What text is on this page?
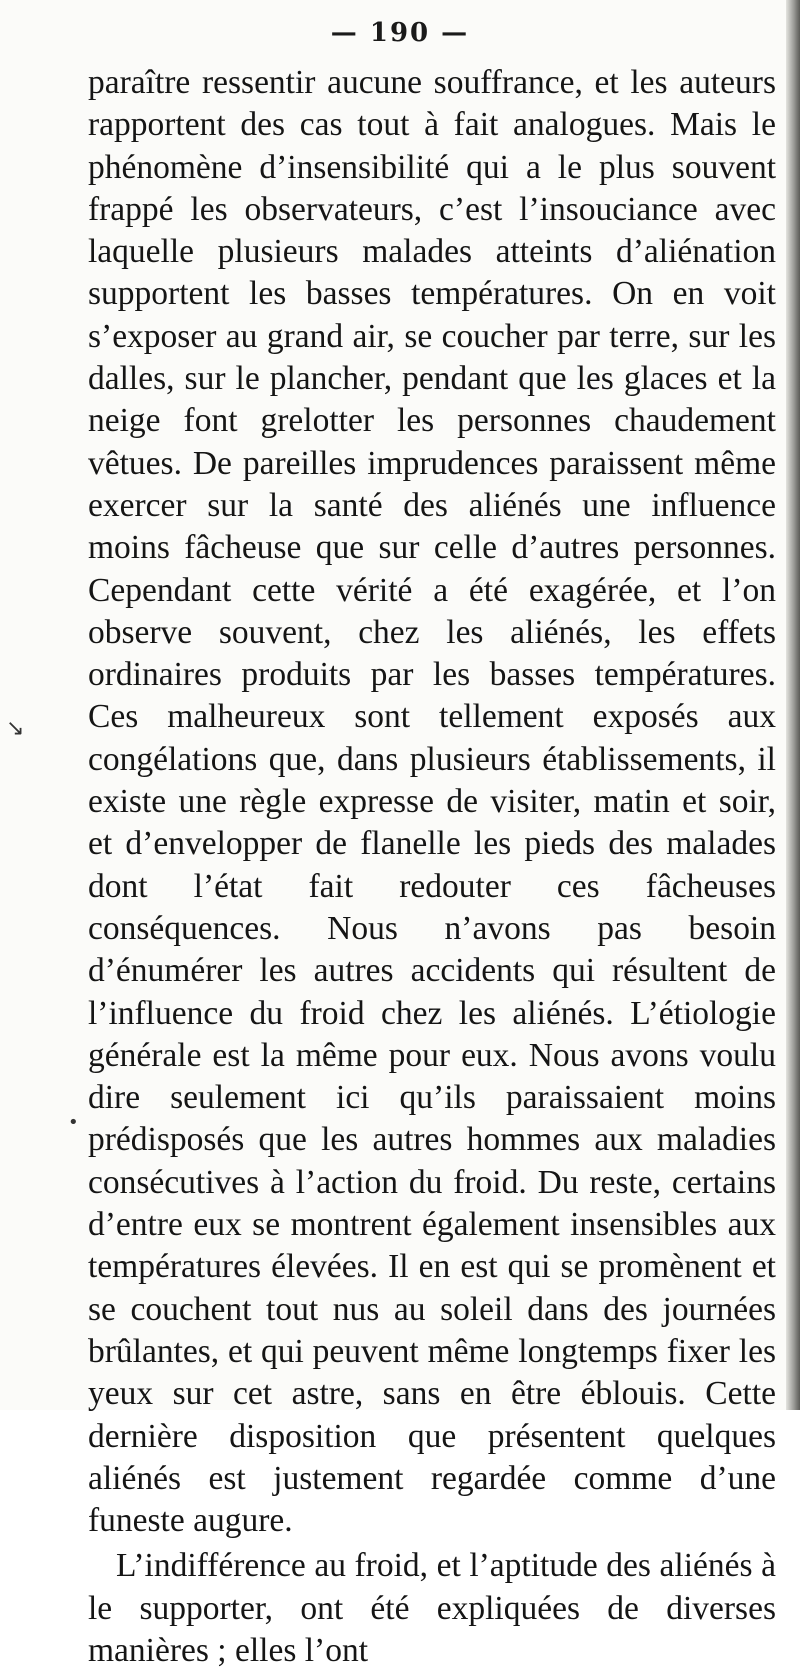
— 190 —

paraître ressentir aucune souffrance, et les auteurs rapportent des cas tout à fait analogues. Mais le phénomène d’insensibilité qui a le plus souvent frappé les observateurs, c’est l’insouciance avec laquelle plusieurs malades atteints d’aliénation supportent les basses températures. On en voit s’exposer au grand air, se coucher par terre, sur les dalles, sur le plancher, pendant que les glaces et la neige font grelotter les personnes chaudement vêtues. De pareilles imprudences paraissent même exercer sur la santé des aliénés une influence moins fâcheuse que sur celle d’autres personnes. Cependant cette vérité a été exagérée, et l’on observe souvent, chez les aliénés, les effets ordinaires produits par les basses températures. Ces malheureux sont tellement exposés aux congélations que, dans plusieurs établissements, il existe une règle expresse de visiter, matin et soir, et d’envelopper de flanelle les pieds des malades dont l’état fait redouter ces fâcheuses conséquences. Nous n’avons pas besoin d’énumérer les autres accidents qui résultent de l’influence du froid chez les aliénés. L’étiologie générale est la même pour eux. Nous avons voulu dire seulement ici qu’ils paraissaient moins prédisposés que les autres hommes aux maladies consécutives à l’action du froid. Du reste, certains d’entre eux se montrent également insensibles aux températures élevées. Il en est qui se promènent et se couchent tout nus au soleil dans des journées brûlantes, et qui peuvent même longtemps fixer les yeux sur cet astre, sans en être éblouis. Cette dernière disposition que présentent quelques aliénés est justement regardée comme d’une funeste augure.

L’indifférence au froid, et l’aptitude des aliénés à le supporter, ont été expliquées de diverses manières ; elles l’ont

↘
•
